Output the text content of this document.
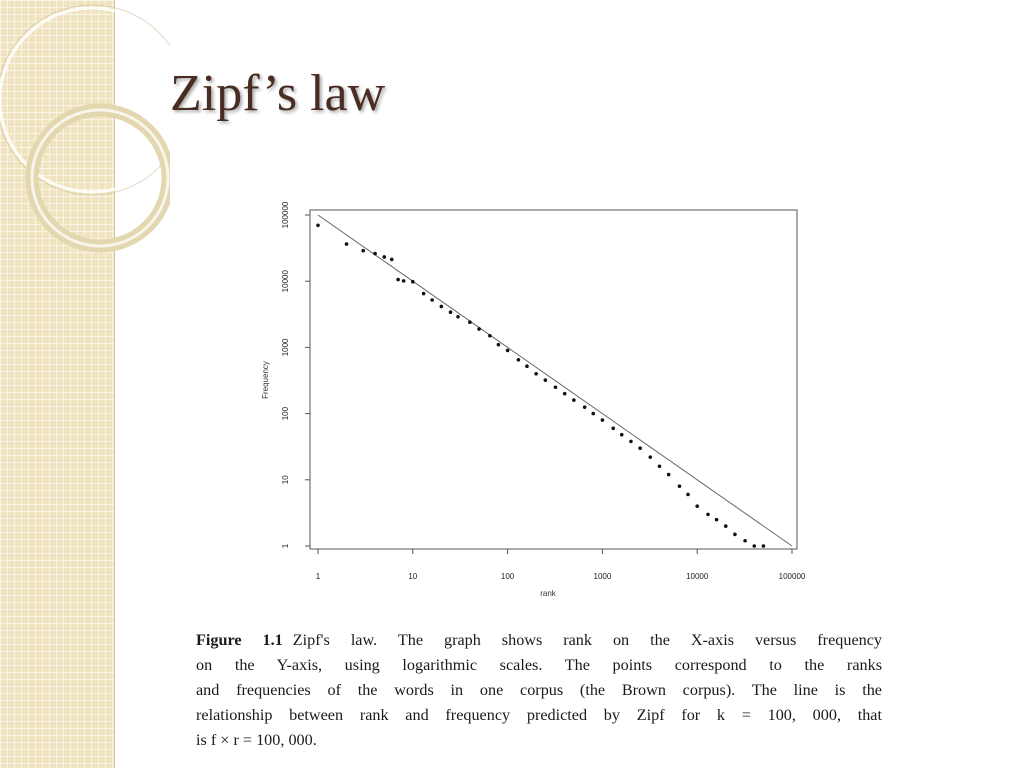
Zipf’s law
1
10
100
1000
10000
100000
1	10	100	1000	10000	100000
rank
Frequency

Figure 1.1 Zipf's law. The graph shows rank on the X-axis versus frequency
on the Y-axis, using logarithmic scales. The points correspond to the ranks
and frequencies of the words in one corpus (the Brown corpus). The line is the
relationship between rank and frequency predicted by Zipf for k = 100, 000, that
is f × r = 100, 000.
